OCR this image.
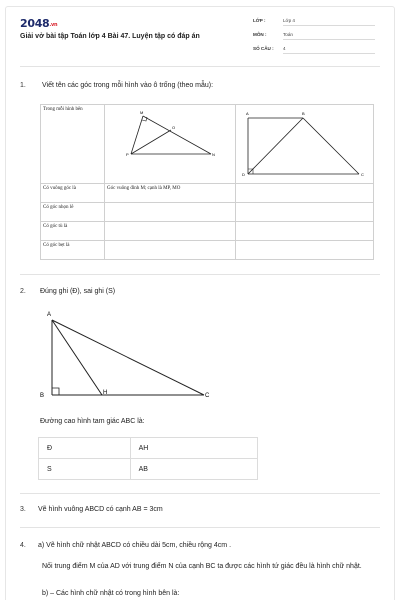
2048.vn
Giải vở bài tập Toán lớp 4 Bài 47. Luyện tập có đáp án
LỚP :	Lớp 4
MÔN :	Toán
SỐ CÂU :	4
1. Viết tên các góc trong mỗi hình vào ô trống (theo mẫu):
Trong mỗi hình bên	M
O
P N	A B
C
D

Có vuông góc là	Góc vuông đỉnh M; cạnh là MP, MO	
Có góc nhọn lê		
Có góc tù là		
Có góc bẹt là		
2. Đúng ghi (Đ), sai ghi (S)
A
B	H	C
Đường cao hình tam giác ABC là:
Đ	AH
S	AB
3. Vẽ hình vuông ABCD có cạnh AB = 3cm
4. a) Vẽ hình chữ nhật ABCD có chiều dài 5cm, chiều rộng 4cm .
Nối trung điểm M của AD với trung điểm N của cạnh BC ta được các hình tứ giác đều là hình chữ nhật.
b) – Các hình chữ nhật có trong hình bên là:
